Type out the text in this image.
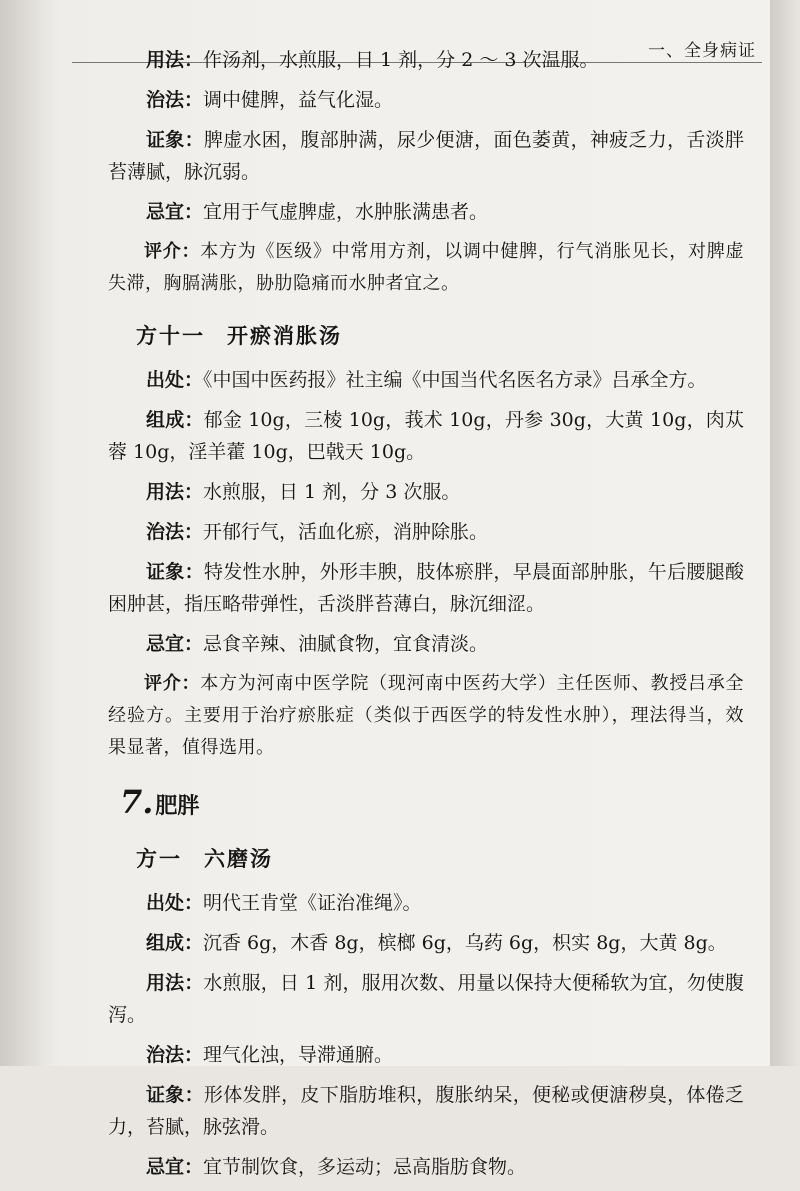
一、全身病证

用法：作汤剂，水煎服，日 1 剂，分 2 ～ 3 次温服。

治法：调中健脾，益气化湿。

证象：脾虚水困，腹部肿满，尿少便溏，面色萎黄，神疲乏力，舌淡胖苔薄腻，脉沉弱。

忌宜：宜用于气虚脾虚，水肿胀满患者。

评介：本方为《医级》中常用方剂，以调中健脾，行气消胀见长，对脾虚失滞，胸膈满胀，胁肋隐痛而水肿者宜之。

方十一 开瘀消胀汤

出处：《中国中医药报》社主编《中国当代名医名方录》吕承全方。

组成：郁金 10g，三棱 10g，莪术 10g，丹参 30g，大黄 10g，肉苁蓉 10g，淫羊藿 10g，巴戟天 10g。

用法：水煎服，日 1 剂，分 3 次服。

治法：开郁行气，活血化瘀，消肿除胀。

证象：特发性水肿，外形丰腴，肢体瘀胖，早晨面部肿胀，午后腰腿酸困肿甚，指压略带弹性，舌淡胖苔薄白，脉沉细涩。

忌宜：忌食辛辣、油腻食物，宜食清淡。

评介：本方为河南中医学院（现河南中医药大学）主任医师、教授吕承全经验方。主要用于治疗瘀胀症（类似于西医学的特发性水肿），理法得当，效果显著，值得选用。

7.肥胖
方一 六磨汤

出处：明代王肯堂《证治准绳》。

组成：沉香 6g，木香 8g，槟榔 6g，乌药 6g，枳实 8g，大黄 8g。

用法：水煎服，日 1 剂，服用次数、用量以保持大便稀软为宜，勿使腹泻。

治法：理气化浊，导滞通腑。

证象：形体发胖，皮下脂肪堆积，腹胀纳呆，便秘或便溏秽臭，体倦乏力，苔腻，脉弦滑。

忌宜：宜节制饮食，多运动；忌高脂肪食物。
